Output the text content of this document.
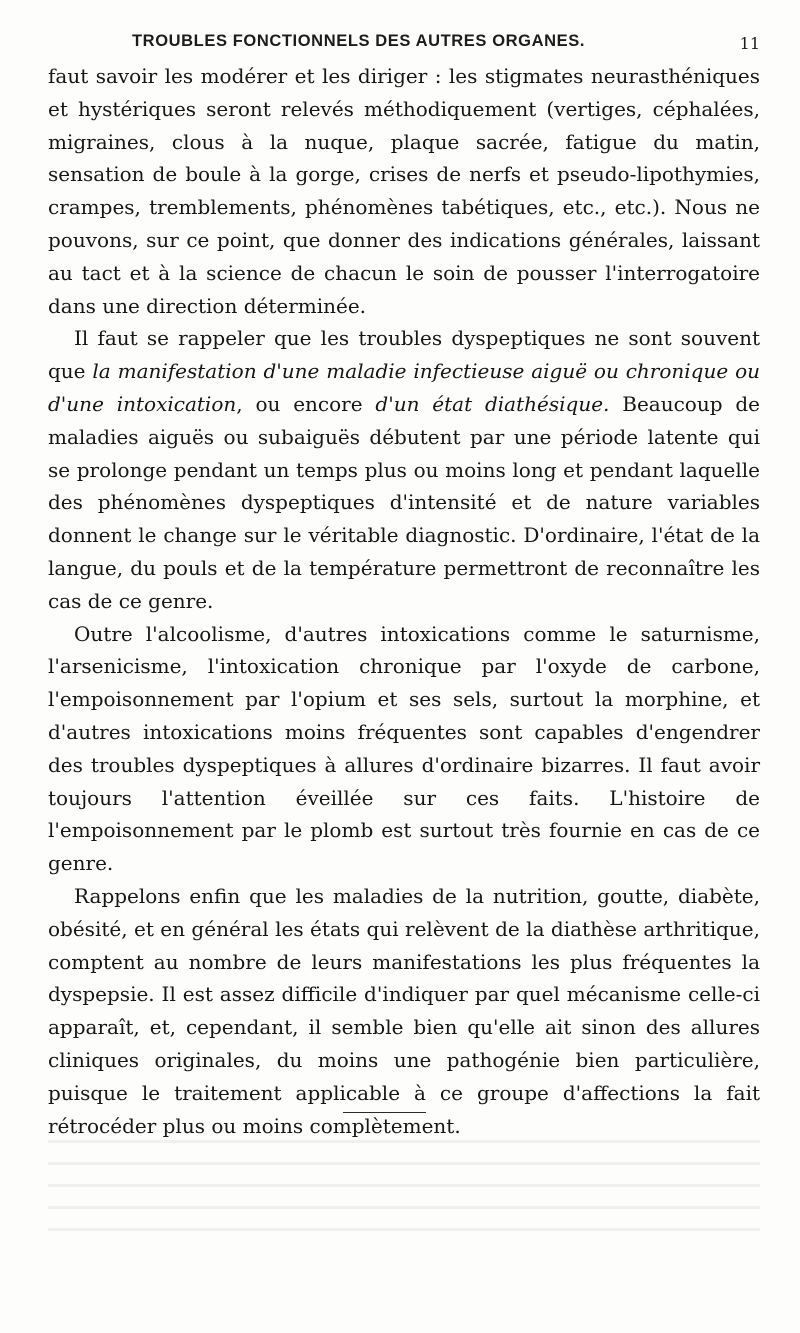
TROUBLES FONCTIONNELS DES AUTRES ORGANES.	11

faut savoir les modérer et les diriger : les stigmates neurasthéniques et hystériques seront relevés méthodiquement (vertiges, céphalées, migraines, clous à la nuque, plaque sacrée, fatigue du matin, sensation de boule à la gorge, crises de nerfs et pseudo-lipothymies, crampes, tremblements, phénomènes tabétiques, etc., etc.). Nous ne pouvons, sur ce point, que donner des indications générales, laissant au tact et à la science de chacun le soin de pousser l'interrogatoire dans une direction déterminée.

Il faut se rappeler que les troubles dyspeptiques ne sont souvent que la manifestation d'une maladie infectieuse aiguë ou chronique ou d'une intoxication, ou encore d'un état diathésique. Beaucoup de maladies aiguës ou subaiguës débutent par une période latente qui se prolonge pendant un temps plus ou moins long et pendant laquelle des phénomènes dyspeptiques d'intensité et de nature variables donnent le change sur le véritable diagnostic. D'ordinaire, l'état de la langue, du pouls et de la température permettront de reconnaître les cas de ce genre.

Outre l'alcoolisme, d'autres intoxications comme le saturnisme, l'arsenicisme, l'intoxication chronique par l'oxyde de carbone, l'empoisonnement par l'opium et ses sels, surtout la morphine, et d'autres intoxications moins fréquentes sont capables d'engendrer des troubles dyspeptiques à allures d'ordinaire bizarres. Il faut avoir toujours l'attention éveillée sur ces faits. L'histoire de l'empoisonnement par le plomb est surtout très fournie en cas de ce genre.

Rappelons enfin que les maladies de la nutrition, goutte, diabète, obésité, et en général les états qui relèvent de la diathèse arthritique, comptent au nombre de leurs manifestations les plus fréquentes la dyspepsie. Il est assez difficile d'indiquer par quel mécanisme celle-ci apparaît, et, cependant, il semble bien qu'elle ait sinon des allures cliniques originales, du moins une pathogénie bien particulière, puisque le traitement applicable à ce groupe d'affections la fait rétrocéder plus ou moins complètement.
